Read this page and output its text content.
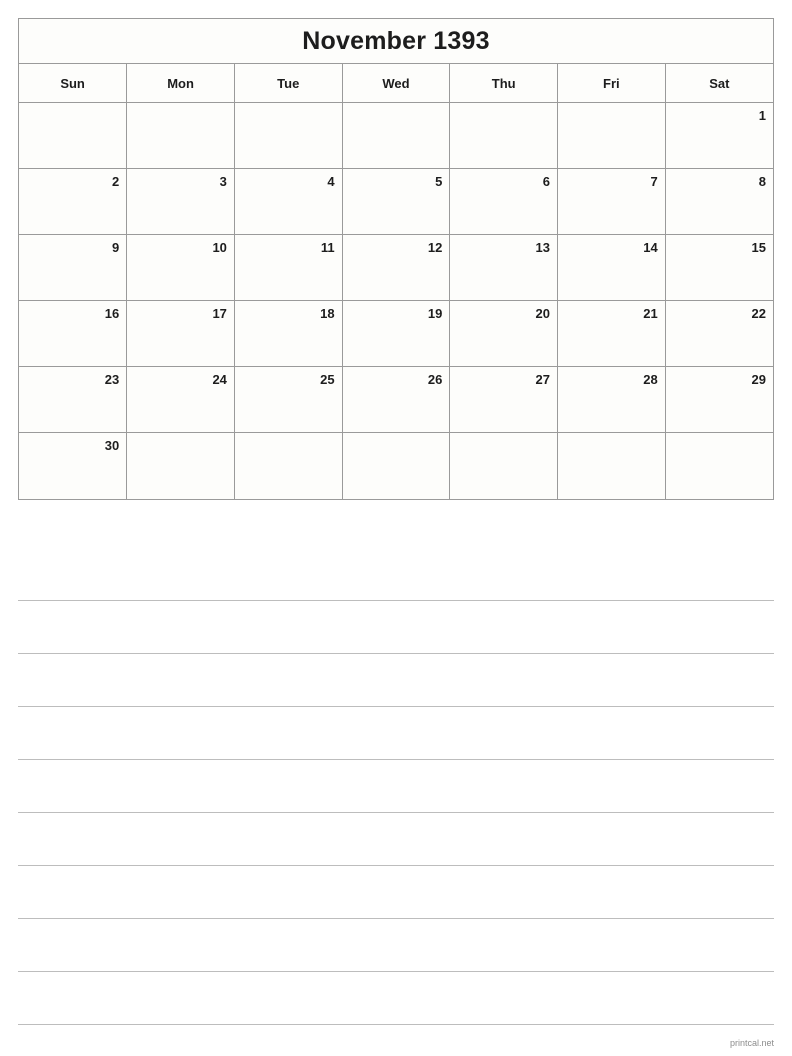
November 1393
Sun	Mon	Tue	Wed	Thu	Fri	Sat
						1
2	3	4	5	6	7	8
9	10	11	12	13	14	15
16	17	18	19	20	21	22
23	24	25	26	27	28	29
30						
printcal.net
